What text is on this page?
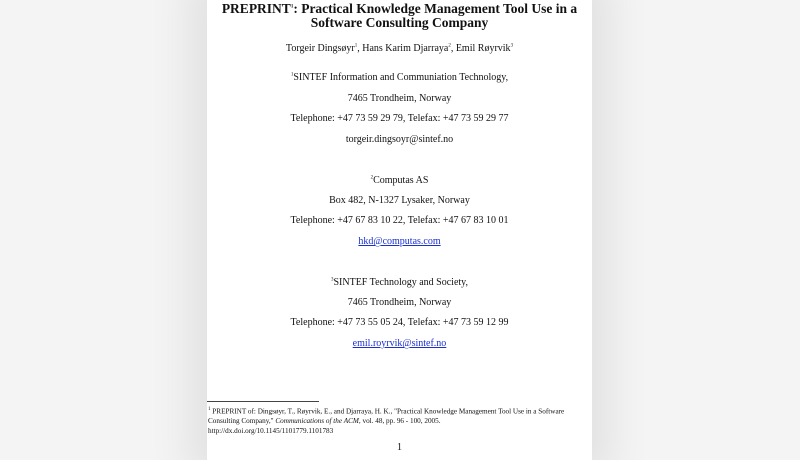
PREPRINT$^1$: Practical Knowledge Management Tool Use in a
Software Consulting Company
Torgeir Dingsøyr$^1$, Hans Karim Djarraya$^2$, Emil Røyrvik$^3$
$^1$SINTEF Information and Communiation Technology,
7465 Trondheim, Norway
Telephone: +47 73 59 29 79, Telefax: +47 73 59 29 77
torgeir.dingsoyr@sintef.no
$^2$Computas AS
Box 482, N-1327 Lysaker, Norway
Telephone: +47 67 83 10 22, Telefax: +47 67 83 10 01
hkd@computas.com
$^3$SINTEF Technology and Society,
7465 Trondheim, Norway
Telephone: +47 73 55 05 24, Telefax: +47 73 59 12 99
emil.royrvik@sintef.no
$^1$ PREPRINT of: Dingsøyr, T., Røyrvik, E., and Djarraya, H. K., "Practical Knowledge Management Tool Use in a Software Consulting Company," Communications of the ACM, vol. 48, pp. 96 - 100, 2005.
http://dx.doi.org/10.1145/1101779.1101783
1
